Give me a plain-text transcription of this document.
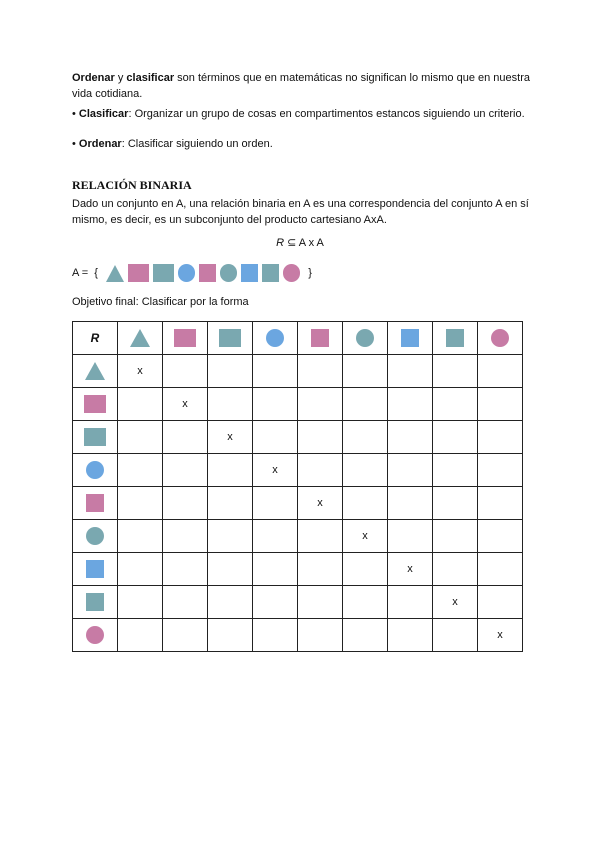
Ordenar y clasificar son términos que en matemáticas no significan lo mismo que en nuestra vida cotidiana.
• Clasificar: Organizar un grupo de cosas en compartimentos estancos siguiendo un criterio.
• Ordenar: Clasificar siguiendo un orden.
RELACIÓN BINARIA
Dado un conjunto en A, una relación binaria en A es una correspondencia del conjunto A en sí mismo, es decir, es un subconjunto del producto cartesiano AxA.
R ⊆ A x A
A = {	}
Objetivo final: Clasificar por la forma
R									
	x								
		x							
			x						
				x					
					x				
						x			
							x		
								x	
									x
